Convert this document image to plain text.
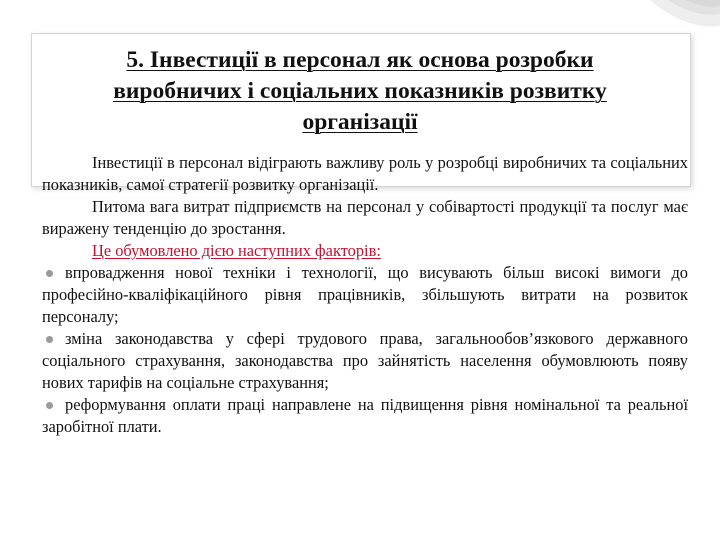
5. Інвестиції в персонал як основа розробки
виробничих і соціальних показників розвитку
організації

Інвестиції в персонал відіграють важливу роль у розробці виробничих та соціальних показників, самої стратегії розвитку організації.

Питома вага витрат підприємств на персонал у собівартості продукції та послуг має виражену тенденцію до зростання.

Це обумовлено дією наступних факторів:

впровадження нової техніки і технології, що висувають більш високі вимоги до професійно-кваліфікаційного рівня працівників, збільшують витрати на розвиток персоналу;

зміна законодавства у сфері трудового права, загальнообов’язкового державного соціального страхування, законодавства про зайнятість населення обумовлюють появу нових тарифів на соціальне страхування;

реформування оплати праці направлене на підвищення рівня номінальної та реальної заробітної плати.
